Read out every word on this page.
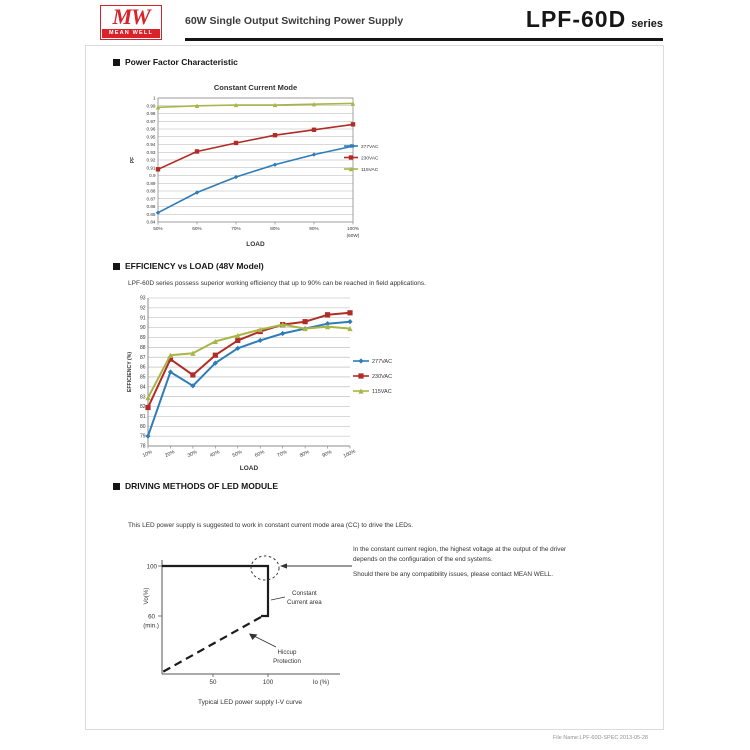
MW
MEAN WELL
60W Single Output Switching Power Supply	LPF-60D series
Power Factor Characteristic
0.84
0.85
0.86
0.87
0.88
0.89
0.9
0.91
0.92
0.93
0.94
0.95
0.96
0.97
0.98
0.99
1
50%	60%	70%	80%	90%	100%
(60W)
277VAC
230VAC
115VAC
Constant Current Mode
PF
LOAD
EFFICIENCY vs LOAD (48V Model)
LPF-60D series possess superior working efficiency that up to 90% can be reached in field applications.
78
79
80
81
82
83
84
85
86
87
88
89
90
91
92
93
10% 20% 30% 40% 50% 60% 70% 80% 90% 100%
277VAC
230VAC
115VAC
EFFICIENCY (%)
LOAD
DRIVING METHODS OF LED MODULE
This LED power supply is suggested to work in constant current mode area (CC) to drive the LEDs.
Constant
Current area
Hiccup
Protection
100
60
(min.)
Vo(%)
50	100	Io (%)
Typical LED power supply I-V curve
In the constant current region, the highest voltage at the output of the driver
depends on the configuration of the end systems.
Should there be any compatibility issues, please contact MEAN WELL.
File Name:LPF-60D-SPEC 2013-05-28
